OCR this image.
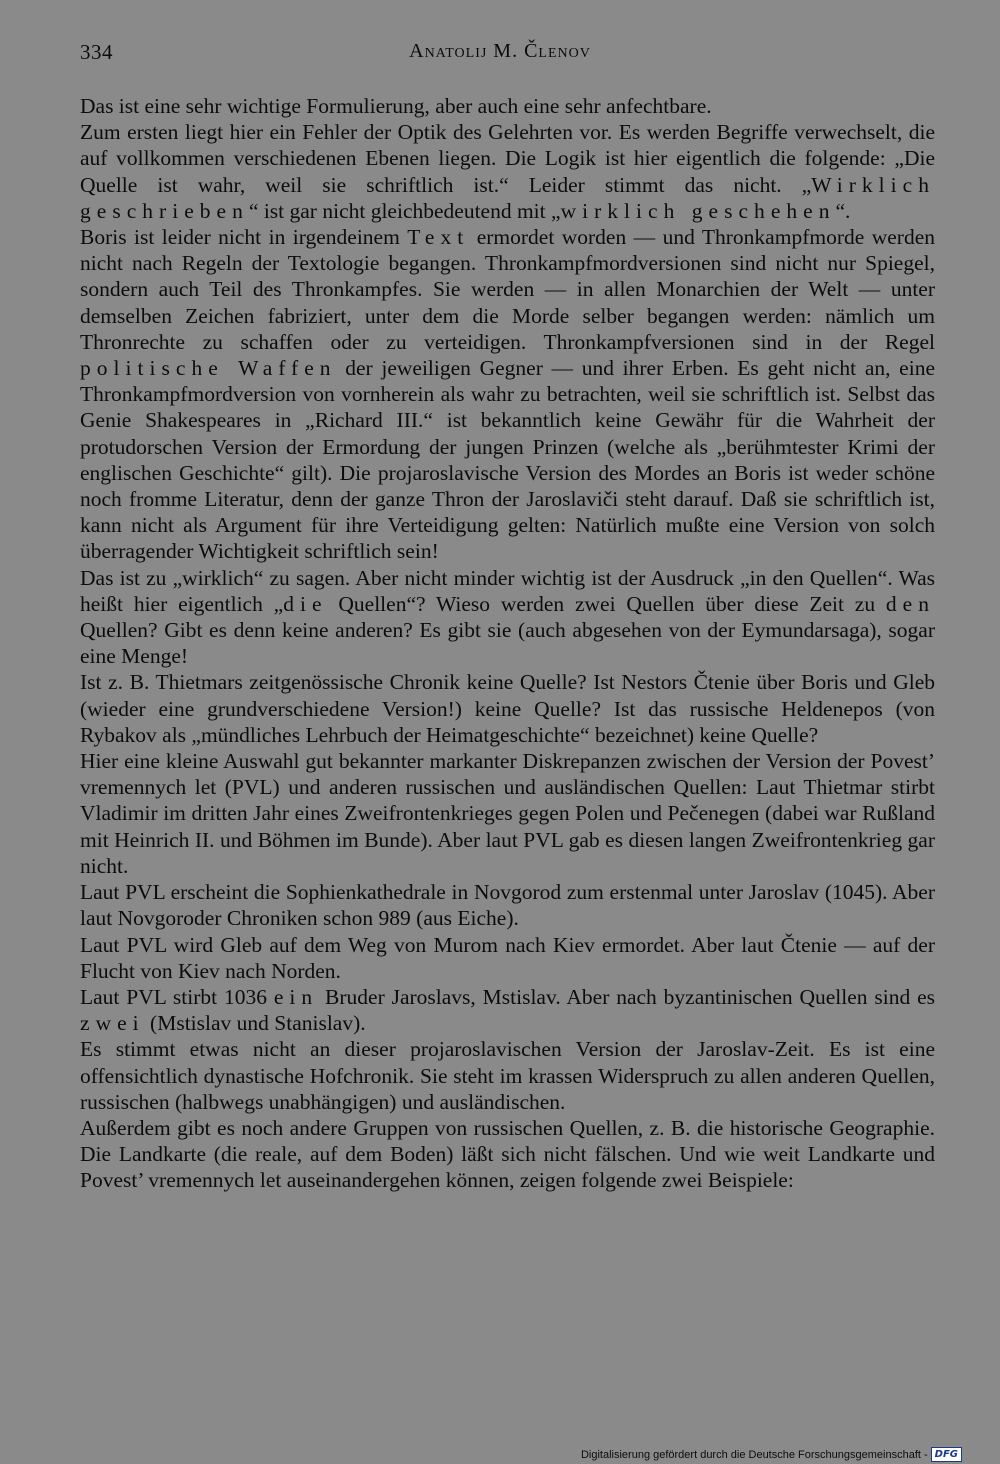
334	Anatolij M. Členov

Das ist eine sehr wichtige Formulierung, aber auch eine sehr anfechtbare.

Zum ersten liegt hier ein Fehler der Optik des Gelehrten vor. Es werden Begriffe verwechselt, die auf vollkommen verschiedenen Ebenen liegen. Die Logik ist hier eigentlich die folgende: „Die Quelle ist wahr, weil sie schriftlich ist.“ Leider stimmt das nicht. „Wirklich geschrieben“ ist gar nicht gleichbedeutend mit „wirklich geschehen“.

Boris ist leider nicht in irgendeinem Text ermordet worden — und Thronkampfmorde werden nicht nach Regeln der Textologie begangen. Thronkampfmordversionen sind nicht nur Spiegel, sondern auch Teil des Thronkampfes. Sie werden — in allen Monarchien der Welt — unter demselben Zeichen fabriziert, unter dem die Morde selber begangen werden: nämlich um Thronrechte zu schaffen oder zu verteidigen. Thronkampfversionen sind in der Regel politische Waffen der jeweiligen Gegner — und ihrer Erben. Es geht nicht an, eine Thronkampfmordversion von vornherein als wahr zu betrachten, weil sie schriftlich ist. Selbst das Genie Shakespeares in „Richard III.“ ist bekanntlich keine Gewähr für die Wahrheit der protudorschen Version der Ermordung der jungen Prinzen (welche als „berühmtester Krimi der englischen Geschichte“ gilt). Die projaroslavische Version des Mordes an Boris ist weder schöne noch fromme Literatur, denn der ganze Thron der Jaroslaviči steht darauf. Daß sie schriftlich ist, kann nicht als Argument für ihre Verteidigung gelten: Natürlich mußte eine Version von solch überragender Wichtigkeit schriftlich sein!

Das ist zu „wirklich“ zu sagen. Aber nicht minder wichtig ist der Ausdruck „in den Quellen“. Was heißt hier eigentlich „die Quellen“? Wieso werden zwei Quellen über diese Zeit zu den Quellen? Gibt es denn keine anderen? Es gibt sie (auch abgesehen von der Eymundarsaga), sogar eine Menge!

Ist z. B. Thietmars zeitgenössische Chronik keine Quelle? Ist Nestors Čtenie über Boris und Gleb (wieder eine grundverschiedene Version!) keine Quelle? Ist das russische Heldenepos (von Rybakov als „mündliches Lehrbuch der Heimatgeschichte“ bezeichnet) keine Quelle?

Hier eine kleine Auswahl gut bekannter markanter Diskrepanzen zwischen der Version der Povest’ vremennych let (PVL) und anderen russischen und ausländischen Quellen: Laut Thietmar stirbt Vladimir im dritten Jahr eines Zweifrontenkrieges gegen Polen und Pečenegen (dabei war Rußland mit Heinrich II. und Böhmen im Bunde). Aber laut PVL gab es diesen langen Zweifrontenkrieg gar nicht.

Laut PVL erscheint die Sophienkathedrale in Novgorod zum erstenmal unter Jaroslav (1045). Aber laut Novgoroder Chroniken schon 989 (aus Eiche).

Laut PVL wird Gleb auf dem Weg von Murom nach Kiev ermordet. Aber laut Čtenie — auf der Flucht von Kiev nach Norden.

Laut PVL stirbt 1036 ein Bruder Jaroslavs, Mstislav. Aber nach byzantinischen Quellen sind es zwei (Mstislav und Stanislav).

Es stimmt etwas nicht an dieser projaroslavischen Version der Jaroslav-Zeit. Es ist eine offensichtlich dynastische Hofchronik. Sie steht im krassen Widerspruch zu allen anderen Quellen, russischen (halbwegs unabhängigen) und ausländischen.

Außerdem gibt es noch andere Gruppen von russischen Quellen, z. B. die historische Geographie. Die Landkarte (die reale, auf dem Boden) läßt sich nicht fälschen. Und wie weit Landkarte und Povest’ vremennych let auseinandergehen können, zeigen folgende zwei Beispiele:

Digitalisierung gefördert durch die Deutsche Forschungsgemeinschaft - DFG
